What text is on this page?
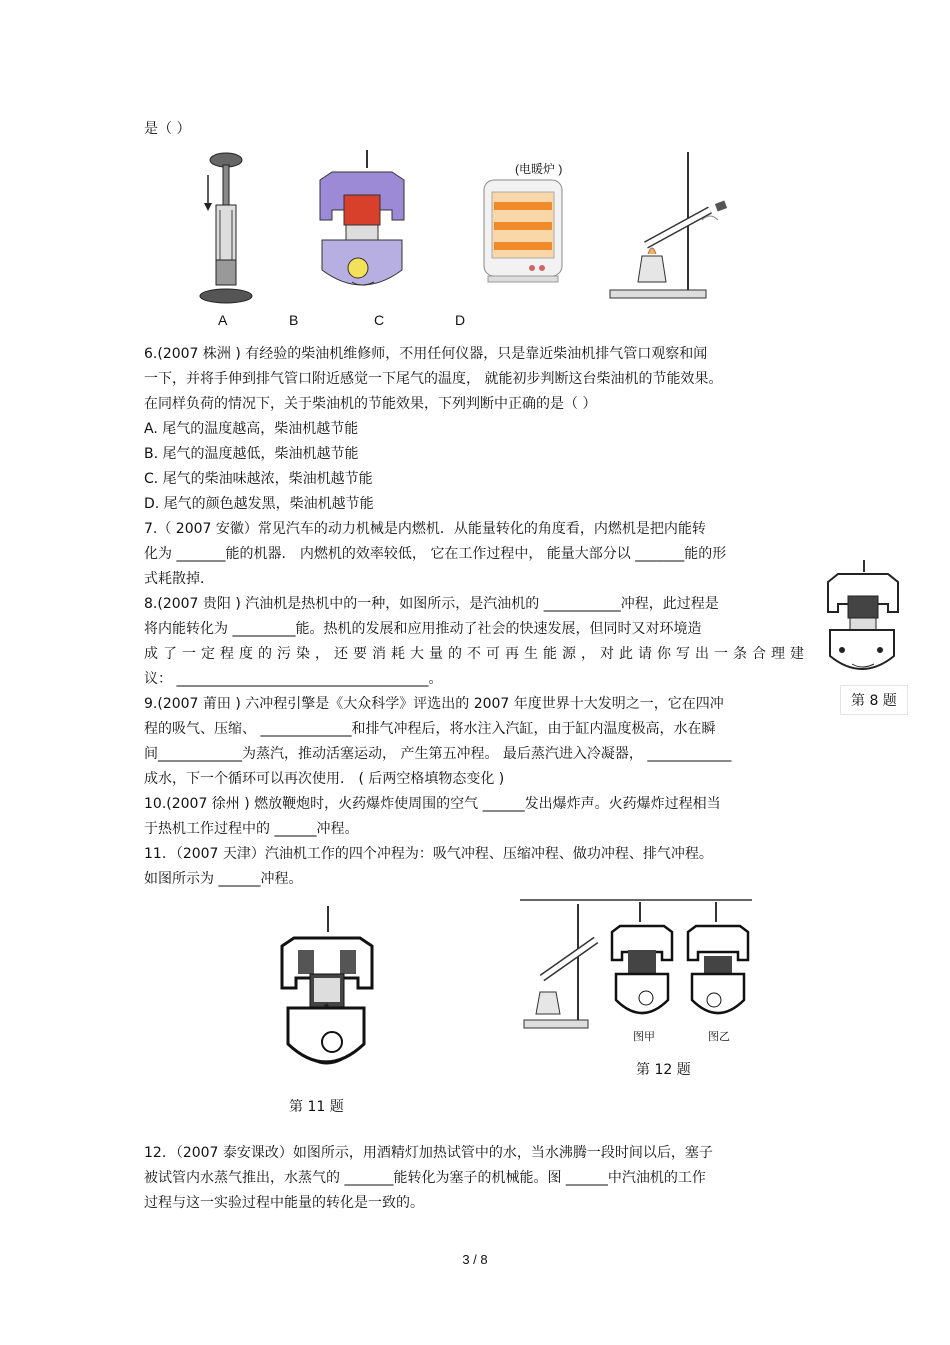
是（ ）
(电暖炉 )
A	B	C	D
6.(2007 株洲 ) 有经验的柴油机维修师，不用任何仪器，只是靠近柴油机排气管口观察和闻
一下，并将手伸到排气管口附近感觉一下尾气的温度， 就能初步判断这台柴油机的节能效果。
在同样负荷的情况下，关于柴油机的节能效果，下列判断中正确的是（ ）
A. 尾气的温度越高，柴油机越节能
B. 尾气的温度越低，柴油机越节能
C. 尾气的柴油味越浓，柴油机越节能
D. 尾气的颜色越发黑，柴油机越节能
7.（ 2007 安徽）常见汽车的动力机械是内燃机．从能量转化的角度看，内燃机是把内能转
化为 _______能的机器． 内燃机的效率较低， 它在工作过程中， 能量大部分以 _______能的形
式耗散掉．
8.(2007 贵阳 ) 汽油机是热机中的一种，如图所示，是汽油机的 ___________冲程，此过程是
将内能转化为 _________能。热机的发展和应用推动了社会的快速发展，但同时又对环境造
成了一定程度的污染，还要消耗大量的不可再生能源，对此请你写出一条合理建
议： ____________________________________。
第 8 题
9.(2007 莆田 ) 六冲程引擎是《大众科学》评选出的 2007 年度世界十大发明之一，它在四冲
程的吸气、压缩、 _____________和排气冲程后，将水注入汽缸，由于缸内温度极高，水在瞬
间____________为蒸汽，推动活塞运动， 产生第五冲程。 最后蒸汽进入冷凝器， ____________
成水，下一个循环可以再次使用． ( 后两空格填物态变化 )
10.(2007 徐州 ) 燃放鞭炮时，火药爆炸使周围的空气 ______发出爆炸声。火药爆炸过程相当
于热机工作过程中的 ______冲程。
11．（2007 天津）汽油机工作的四个冲程为：吸气冲程、压缩冲程、做功冲程、排气冲程。
如图所示为 ______冲程。
第 11 题
图甲	图乙
第 12 题
12．（2007 泰安课改）如图所示，用酒精灯加热试管中的水，当水沸腾一段时间以后，塞子
被试管内水蒸气推出，水蒸气的 _______能转化为塞子的机械能。图 ______中汽油机的工作
过程与这一实验过程中能量的转化是一致的。
3 / 8
